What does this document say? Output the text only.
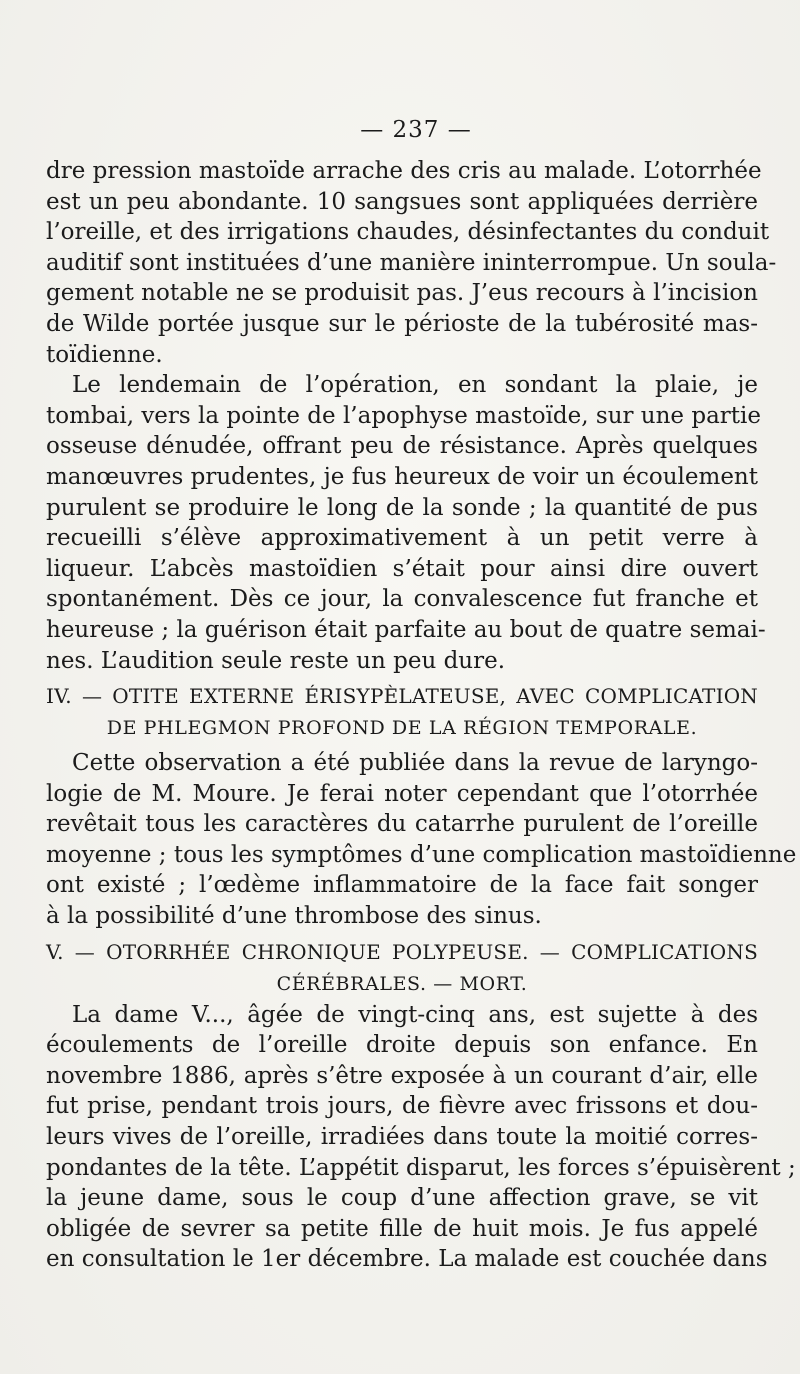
— 237 —
dre pression mastoïde arrache des cris au malade. L’otorrhée
est un peu abondante. 10 sangsues sont appliquées derrière
l’oreille, et des irrigations chaudes, désinfectantes du conduit
auditif sont instituées d’une manière ininterrompue. Un soula-
gement notable ne se produisit pas. J’eus recours à l’incision
de Wilde portée jusque sur le périoste de la tubérosité mas-
toïdienne.
Le lendemain de l’opération, en sondant la plaie, je
tombai, vers la pointe de l’apophyse mastoïde, sur une partie
osseuse dénudée, offrant peu de résistance. Après quelques
manœuvres prudentes, je fus heureux de voir un écoulement
purulent se produire le long de la sonde ; la quantité de pus
recueilli s’élève approximativement à un petit verre à
liqueur. L’abcès mastoïdien s’était pour ainsi dire ouvert
spontanément. Dès ce jour, la convalescence fut franche et
heureuse ; la guérison était parfaite au bout de quatre semai-
nes. L’audition seule reste un peu dure.
IV. — OTITE EXTERNE ÉRISYPÈLATEUSE, AVEC COMPLICATION
DE PHLEGMON PROFOND DE LA RÉGION TEMPORALE.
Cette observation a été publiée dans la revue de laryngo-
logie de M. Moure. Je ferai noter cependant que l’otorrhée
revêtait tous les caractères du catarrhe purulent de l’oreille
moyenne ; tous les symptômes d’une complication mastoïdienne
ont existé ; l’œdème inflammatoire de la face fait songer
à la possibilité d’une thrombose des sinus.
V. — OTORRHÉE CHRONIQUE POLYPEUSE. — COMPLICATIONS
CÉRÉBRALES. — MORT.
La dame V..., âgée de vingt-cinq ans, est sujette à des
écoulements de l’oreille droite depuis son enfance. En
novembre 1886, après s’être exposée à un courant d’air, elle
fut prise, pendant trois jours, de fièvre avec frissons et dou-
leurs vives de l’oreille, irradiées dans toute la moitié corres-
pondantes de la tête. L’appétit disparut, les forces s’épuisèrent ;
la jeune dame, sous le coup d’une affection grave, se vit
obligée de sevrer sa petite fille de huit mois. Je fus appelé
en consultation le 1er décembre. La malade est couchée dans
